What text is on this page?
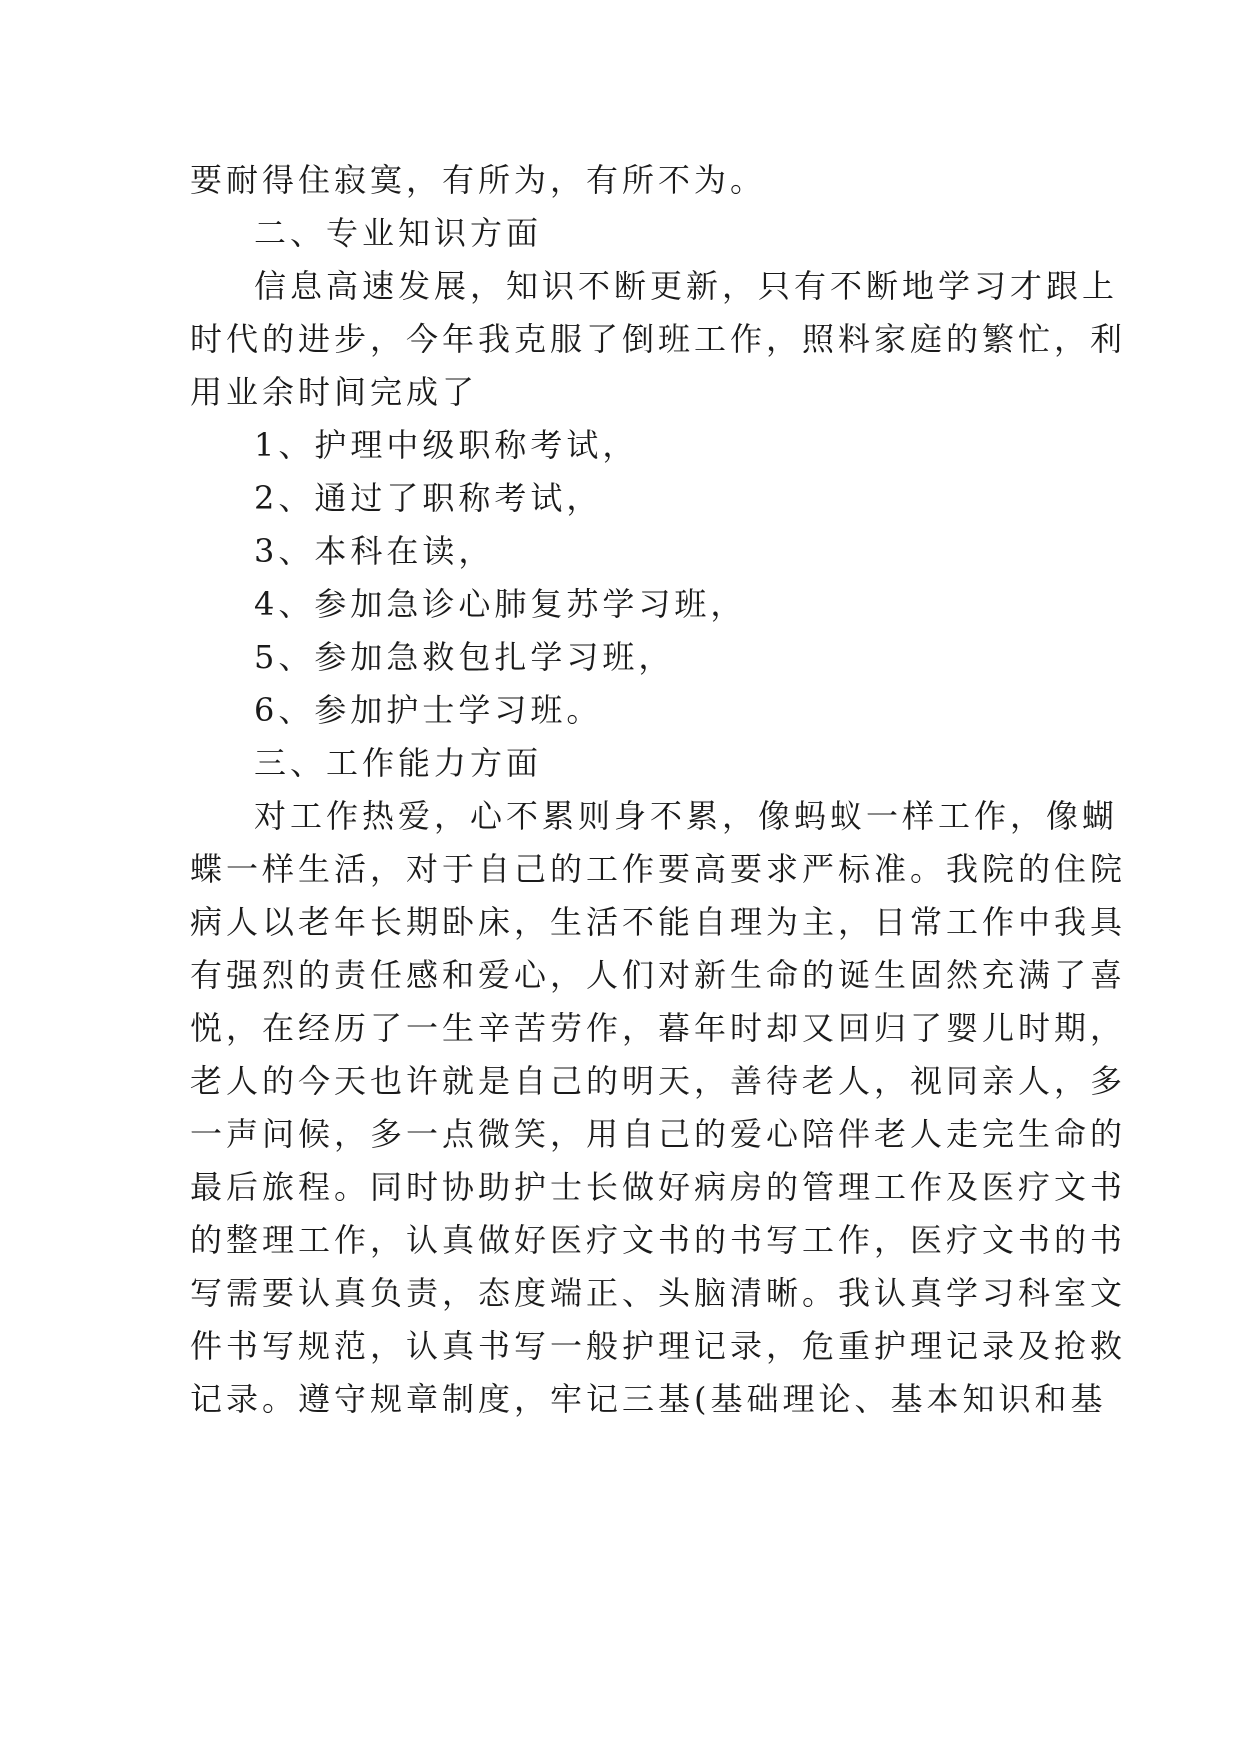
要耐得住寂寞，有所为，有所不为。
二、专业知识方面
信息高速发展，知识不断更新，只有不断地学习才跟上
时代的进步，今年我克服了倒班工作，照料家庭的繁忙，利
用业余时间完成了
1、护理中级职称考试，
2、通过了职称考试，
3、本科在读，
4、参加急诊心肺复苏学习班，
5、参加急救包扎学习班，
6、参加护士学习班。
三、工作能力方面
对工作热爱，心不累则身不累，像蚂蚁一样工作，像蝴
蝶一样生活，对于自己的工作要高要求严标准。我院的住院
病人以老年长期卧床，生活不能自理为主，日常工作中我具
有强烈的责任感和爱心，人们对新生命的诞生固然充满了喜
悦，在经历了一生辛苦劳作，暮年时却又回归了婴儿时期，
老人的今天也许就是自己的明天，善待老人，视同亲人，多
一声问候，多一点微笑，用自己的爱心陪伴老人走完生命的
最后旅程。同时协助护士长做好病房的管理工作及医疗文书
的整理工作，认真做好医疗文书的书写工作，医疗文书的书
写需要认真负责，态度端正、头脑清晰。我认真学习科室文
件书写规范，认真书写一般护理记录，危重护理记录及抢救
记录。遵守规章制度，牢记三基(基础理论、基本知识和基
